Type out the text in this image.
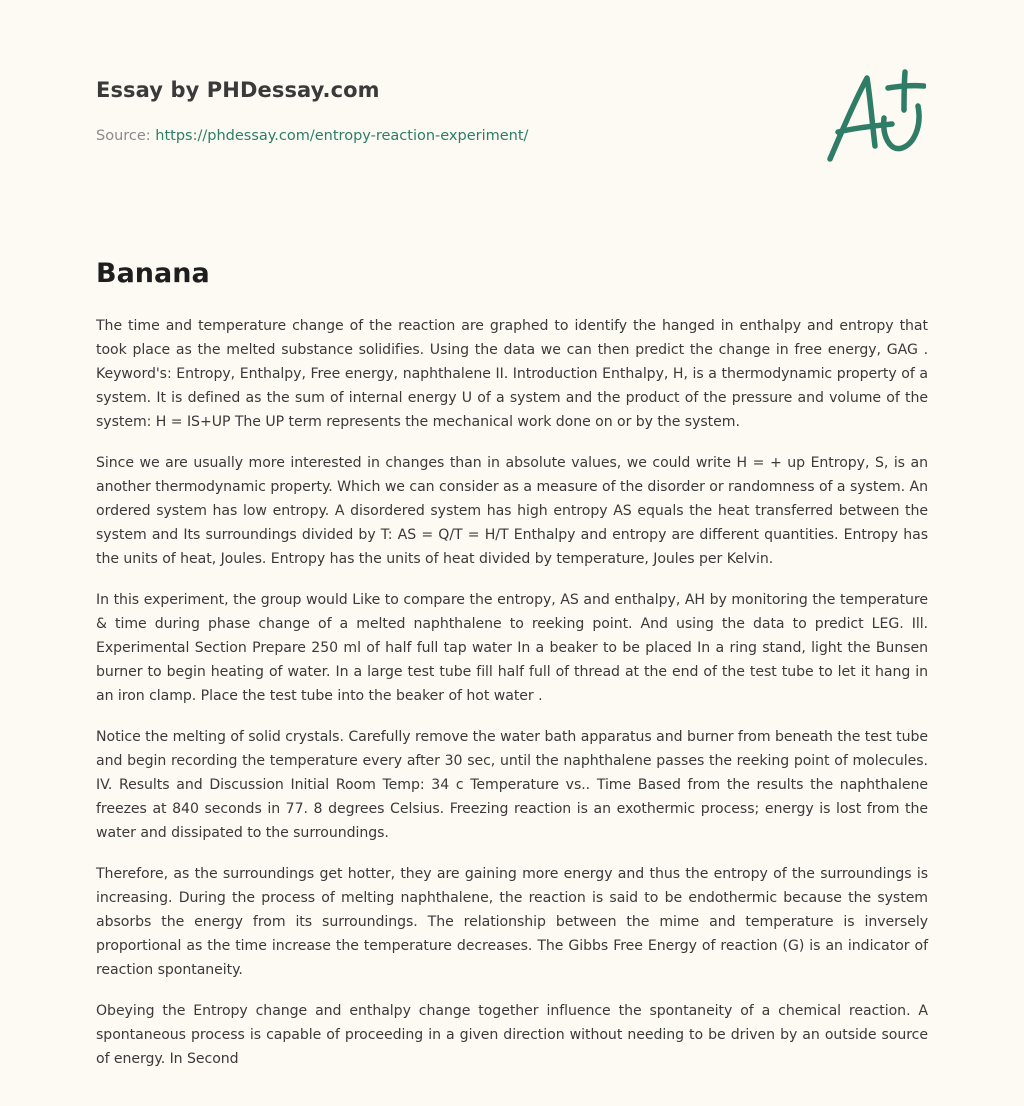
Essay by PHDessay.com
Source: https://phdessay.com/entropy-reaction-experiment/
Banana

The time and temperature change of the reaction are graphed to identify the hanged in enthalpy and entropy that took place as the melted substance solidifies. Using the data we can then predict the change in free energy, GAG . Keyword's: Entropy, Enthalpy, Free energy, naphthalene II. Introduction Enthalpy, H, is a thermodynamic property of a system. It is defined as the sum of internal energy U of a system and the product of the pressure and volume of the system: H = IS+UP The UP term represents the mechanical work done on or by the system.

Since we are usually more interested in changes than in absolute values, we could write H = + up Entropy, S, is an another thermodynamic property. Which we can consider as a measure of the disorder or randomness of a system. An ordered system has low entropy. A disordered system has high entropy AS equals the heat transferred between the system and Its surroundings divided by T: AS = Q/T = H/T Enthalpy and entropy are different quantities. Entropy has the units of heat, Joules. Entropy has the units of heat divided by temperature, Joules per Kelvin.

In this experiment, the group would Like to compare the entropy, AS and enthalpy, AH by monitoring the temperature & time during phase change of a melted naphthalene to reeking point. And using the data to predict LEG. Ill. Experimental Section Prepare 250 ml of half full tap water In a beaker to be placed In a ring stand, light the Bunsen burner to begin heating of water. In a large test tube fill half full of thread at the end of the test tube to let it hang in an iron clamp. Place the test tube into the beaker of hot water .

Notice the melting of solid crystals. Carefully remove the water bath apparatus and burner from beneath the test tube and begin recording the temperature every after 30 sec, until the naphthalene passes the reeking point of molecules. IV. Results and Discussion Initial Room Temp: 34 c Temperature vs.. Time Based from the results the naphthalene freezes at 840 seconds in 77. 8 degrees Celsius. Freezing reaction is an exothermic process; energy is lost from the water and dissipated to the surroundings.

Therefore, as the surroundings get hotter, they are gaining more energy and thus the entropy of the surroundings is increasing. During the process of melting naphthalene, the reaction is said to be endothermic because the system absorbs the energy from its surroundings. The relationship between the mime and temperature is inversely proportional as the time increase the temperature decreases. The Gibbs Free Energy of reaction (G) is an indicator of reaction spontaneity.

Obeying the Entropy change and enthalpy change together influence the spontaneity of a chemical reaction. A spontaneous process is capable of proceeding in a given direction without needing to be driven by an outside source of energy. In Second
